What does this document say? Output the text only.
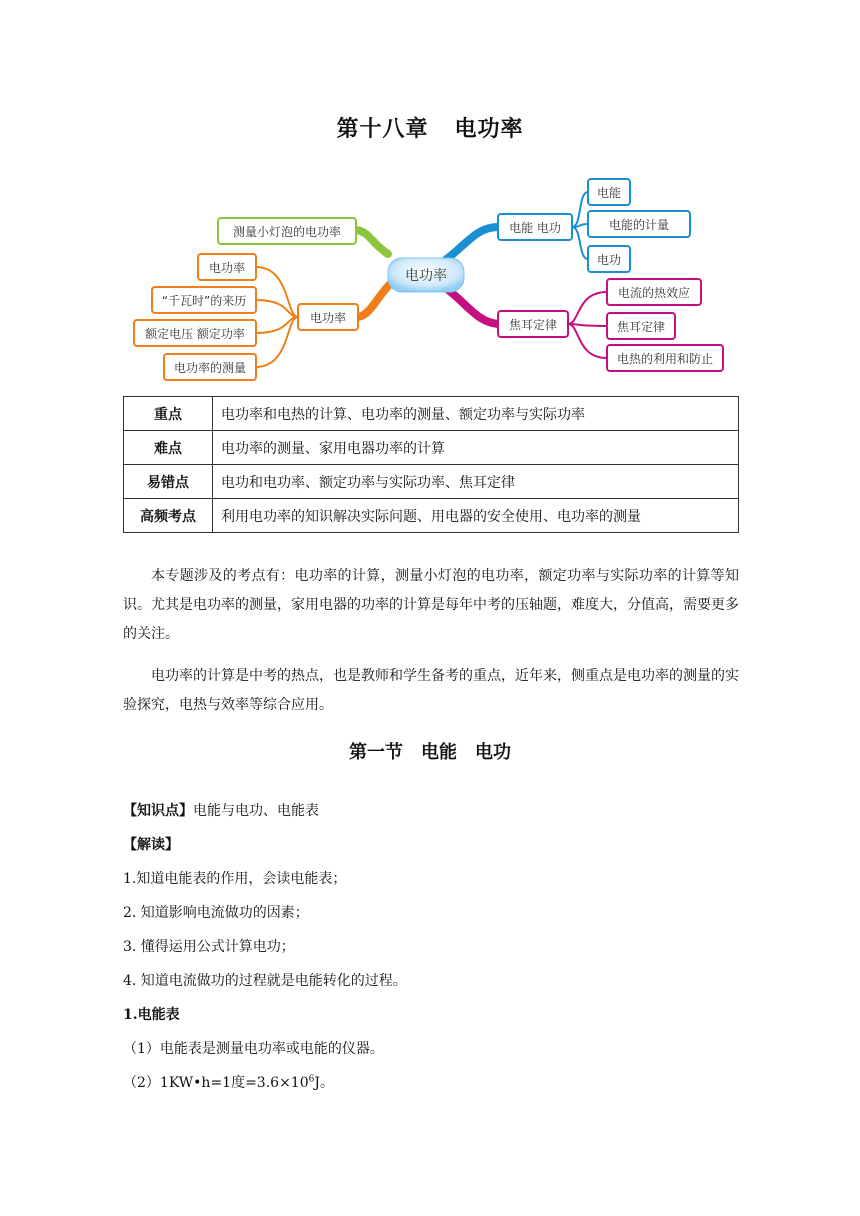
第十八章 电功率
电功率
测量小灯泡的电功率
电功率
电功率
“千瓦时”的来历
额定电压 额定功率
电功率的测量
电能 电功
电能
电能的计量
电功
焦耳定律
电流的热效应
焦耳定律
电热的利用和防止
重点	电功率和电热的计算、电功率的测量、额定功率与实际功率
难点	电功率的测量、家用电器功率的计算
易错点	电功和电功率、额定功率与实际功率、焦耳定律
高频考点	利用电功率的知识解决实际问题、用电器的安全使用、电功率的测量
本专题涉及的考点有：电功率的计算，测量小灯泡的电功率，额定功率与实际功率的计算等知识。尤其是电功率的测量，家用电器的功率的计算是每年中考的压轴题，难度大，分值高，需要更多的关注。
电功率的计算是中考的热点，也是教师和学生备考的重点，近年来，侧重点是电功率的测量的实验探究，电热与效率等综合应用。
第一节 电能 电功
【知识点】电能与电功、电能表
【解读】
1.知道电能表的作用，会读电能表；
2. 知道影响电流做功的因素；
3. 懂得运用公式计算电功；
4. 知道电流做功的过程就是电能转化的过程。
1.电能表
（1）电能表是测量电功率或电能的仪器。
（2）1KW•h=1度$=3.6\times 10^6J$。
